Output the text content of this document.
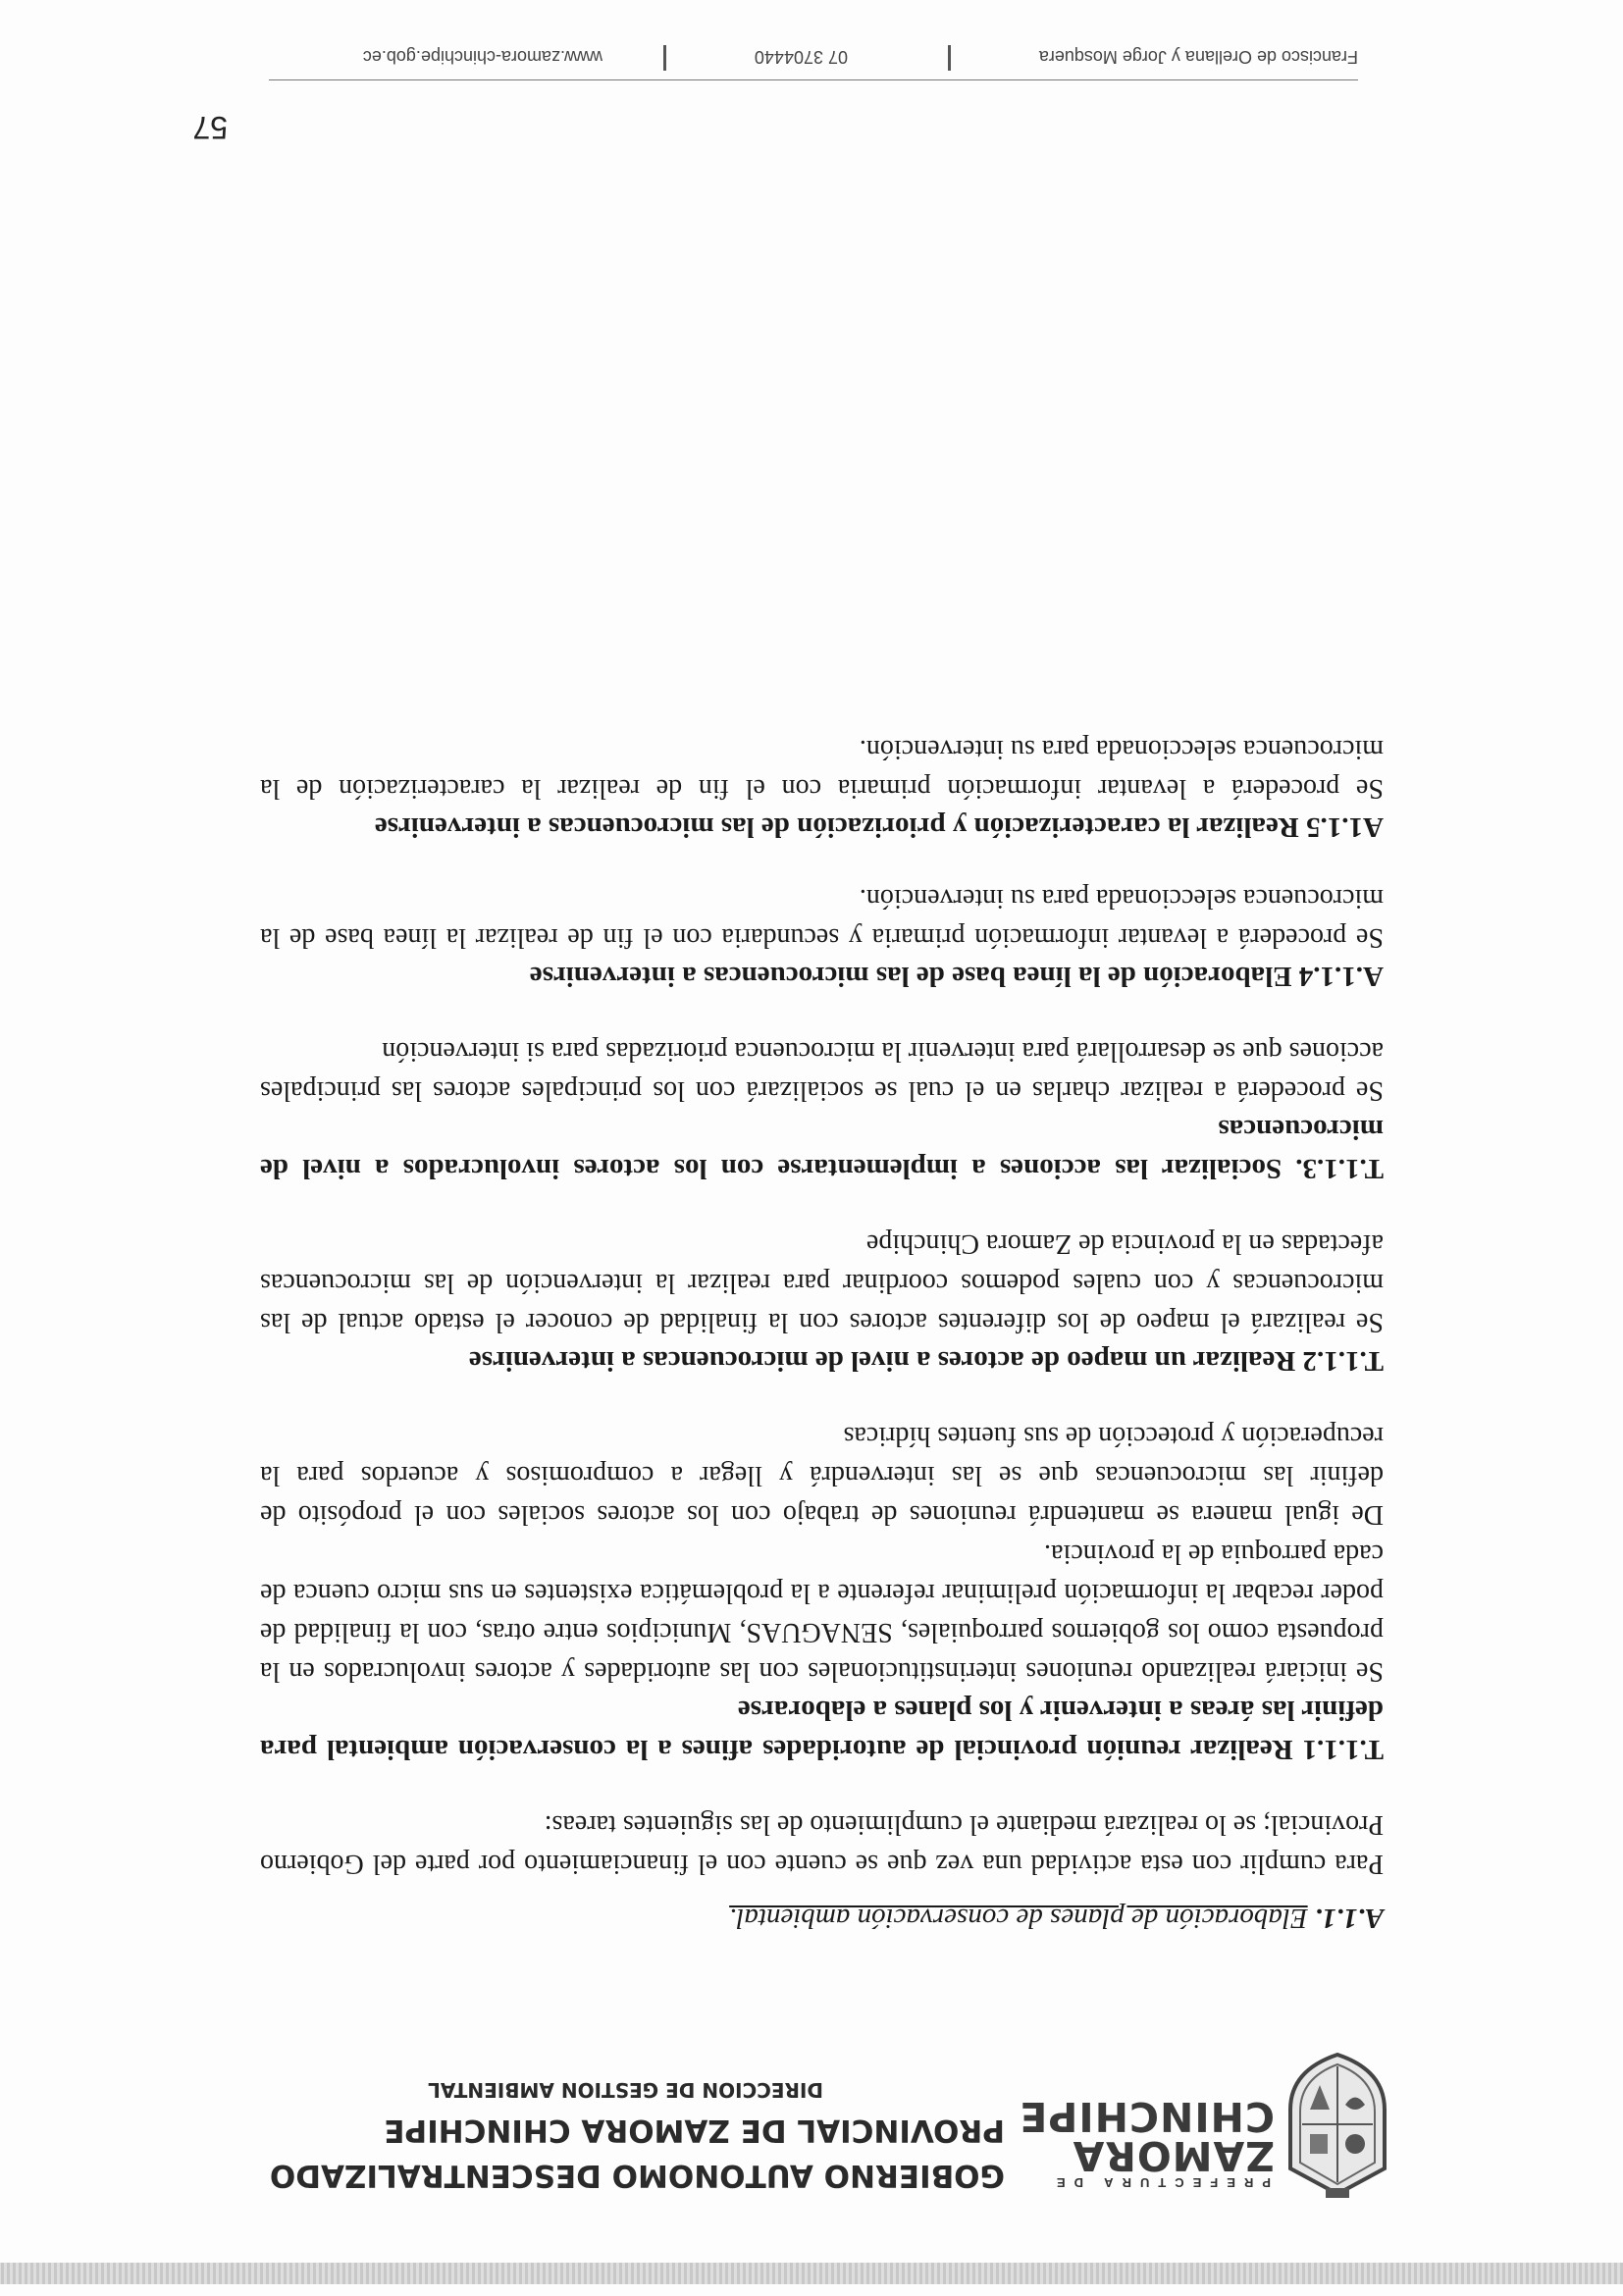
PREFECTURA DE
ZAMORA
CHINCHIPE
GOBIERNO AUTONOMO DESCENTRALIZADO
PROVINCIAL DE ZAMORA CHINCHIPE
DIRECCION DE GESTION AMBIENTAL
A.1.1. Elaboración de planes de conservación ambiental.

Para cumplir con esta actividad una vez que se cuente con el financiamiento por parte del Gobierno Provincial; se lo realizará mediante el cumplimiento de las siguientes tareas:

T.1.1.1 Realizar reunión provincial de autoridades afines a la conservación ambiental para definir las áreas a intervenir y los planes a elaborarse

Se iniciará realizando reuniones interinstitucionales con las autoridades y actores involucrados en la propuesta como los gobiernos parroquiales, SENAGUAS, Municipios entre otras, con la finalidad de poder recabar la información preliminar referente a la problemática existentes en sus micro cuenca de cada parroquia de la provincia.

De igual manera se mantendrá reuniones de trabajo con los actores sociales con el propósito de definir las microcuencas que se las intervendrá y llegar a compromisos y acuerdos para la recuperación y protección de sus fuentes hídricas

T.1.1.2 Realizar un mapeo de actores a nivel de microcuencas a intervenirse

Se realizará el mapeo de los diferentes actores con la finalidad de conocer el estado actual de las microcuencas y con cuales podemos coordinar para realizar la intervención de las microcuencas afectadas en la provincia de Zamora Chinchipe

T.1.1.3. Socializar las acciones a implementarse con los actores involucrados a nivel de microcuencas

Se procederá a realizar charlas en el cual se socializará con los principales actores las principales acciones que se desarrollará para intervenir la microcuenca priorizadas para si intervención

A.1.1.4 Elaboración de la línea base de las microcuencas a intervenirse

Se procederá a levantar información primaria y secundaria con el fin de realizar la línea base de la microcuenca seleccionada para su intervención.

A1.1.5 Realizar la caracterización y priorización de las microcuencas a intervenirse

Se procederá a levantar información primaria con el fin de realizar la caracterización de la microcuenca seleccionada para su intervención.

57
Francisco de Orellana y Jorge Mosquera
07 3704440
www.zamora-chinchipe.gob.ec
